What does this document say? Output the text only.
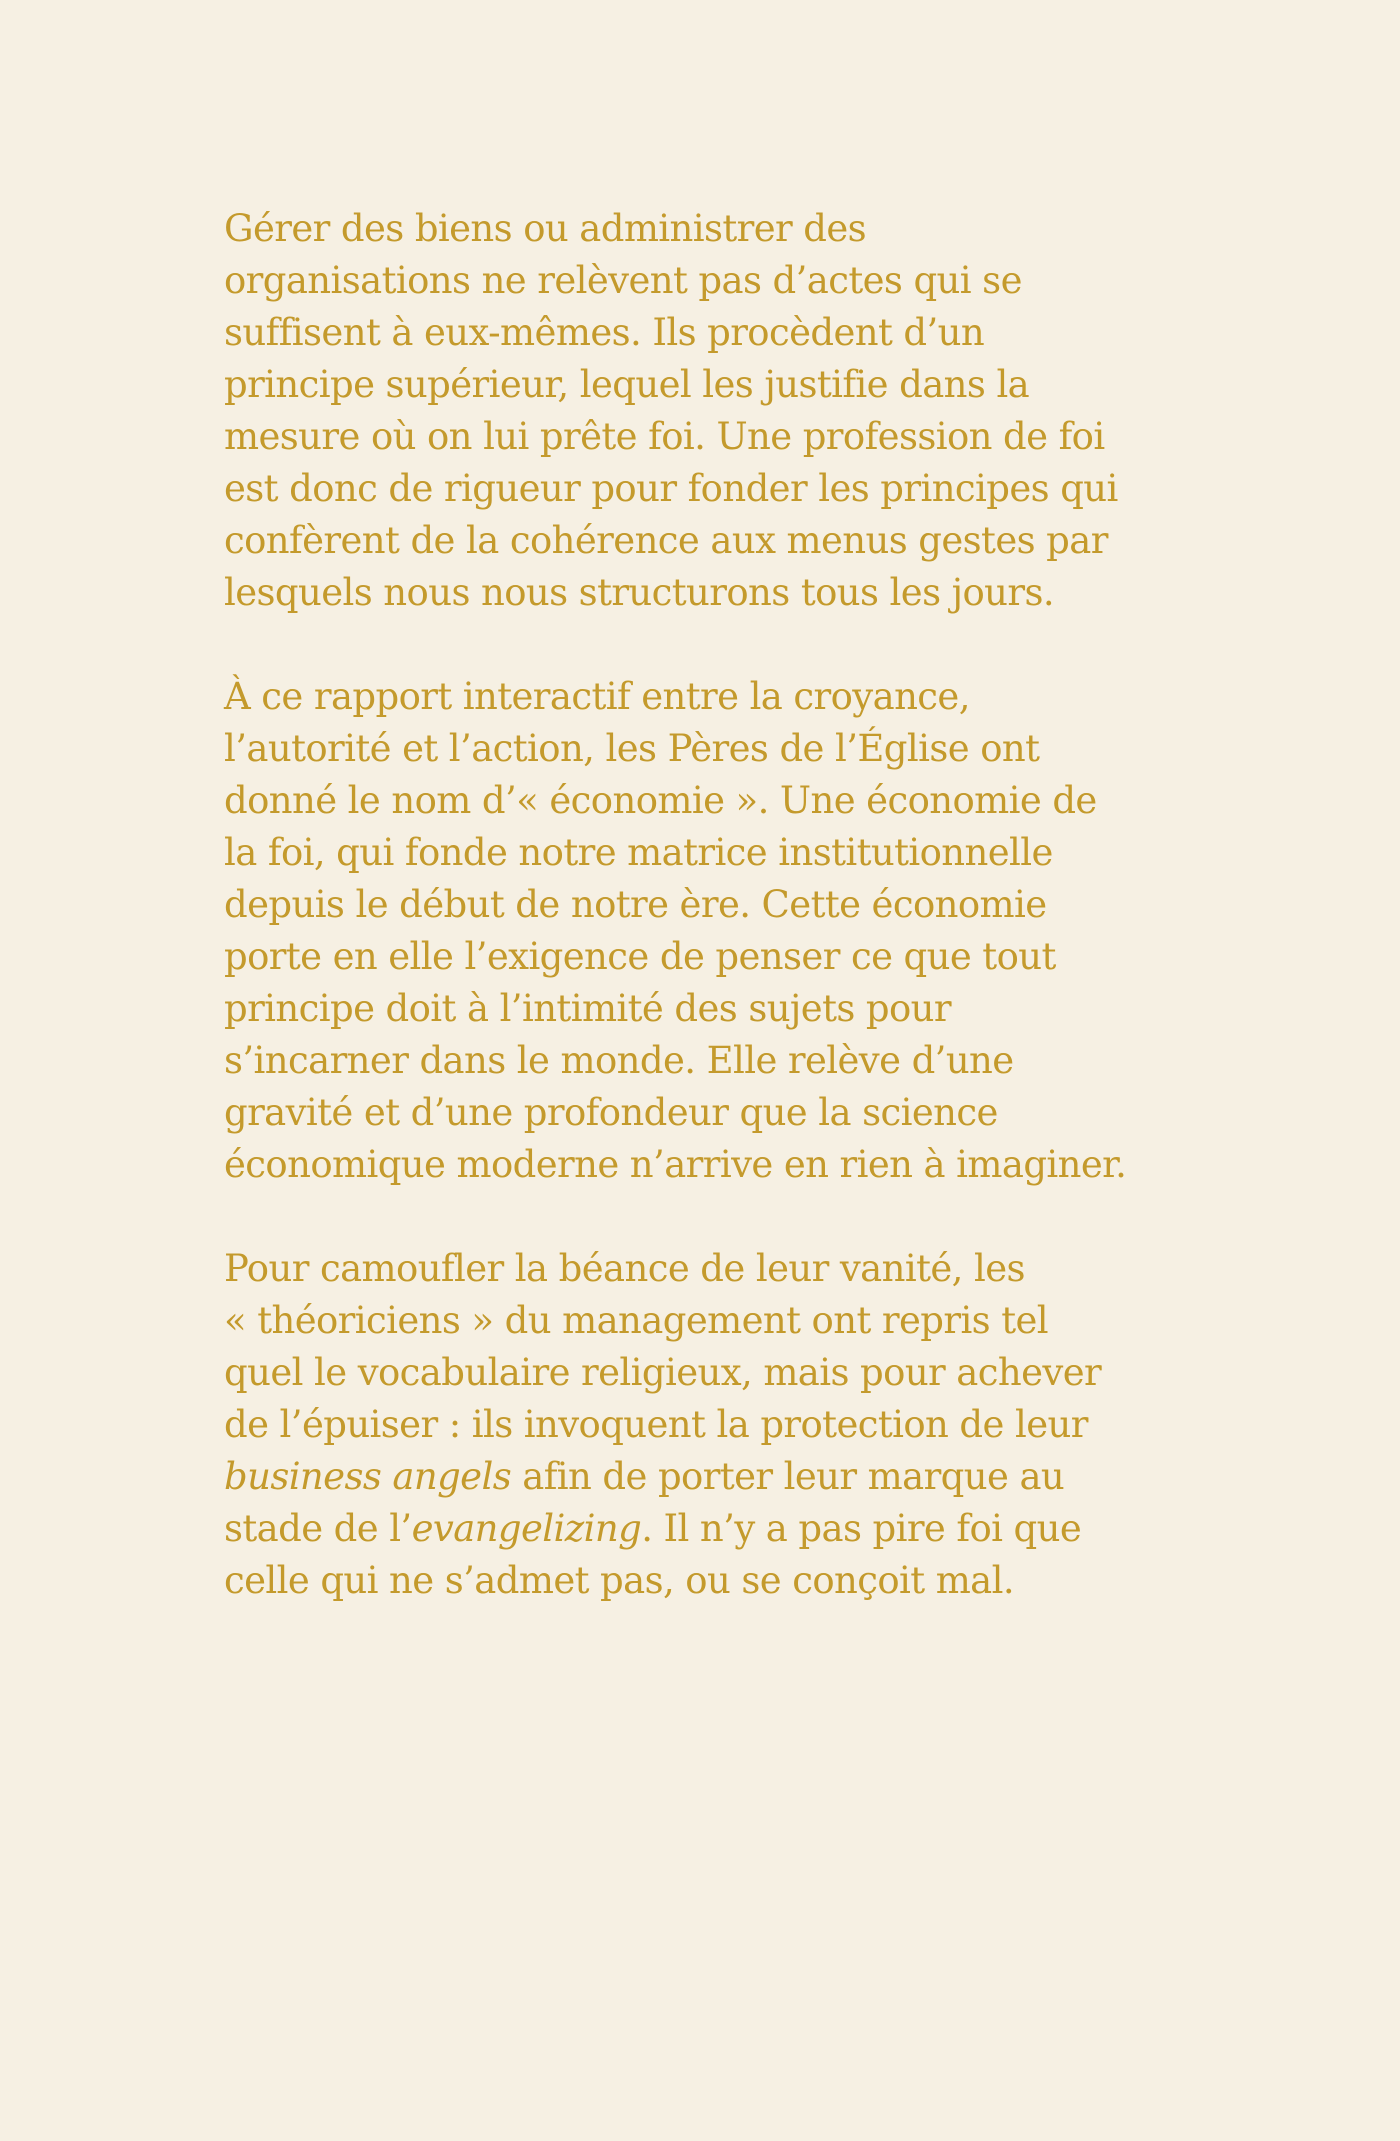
Gérer des biens ou administrer des
organisations ne relèvent pas d’actes qui se
suffisent à eux-mêmes. Ils procèdent d’un
principe supérieur, lequel les justifie dans la
mesure où on lui prête foi. Une profession de foi
est donc de rigueur pour fonder les principes qui
confèrent de la cohérence aux menus gestes par
lesquels nous nous structurons tous les jours.

À ce rapport interactif entre la croyance,
l’autorité et l’action, les Pères de l’Église ont
donné le nom d’« économie ». Une économie de
la foi, qui fonde notre matrice institutionnelle
depuis le début de notre ère. Cette économie
porte en elle l’exigence de penser ce que tout
principe doit à l’intimité des sujets pour
s’incarner dans le monde. Elle relève d’une
gravité et d’une profondeur que la science
économique moderne n’arrive en rien à imaginer.

Pour camoufler la béance de leur vanité, les
« théoriciens » du management ont repris tel
quel le vocabulaire religieux, mais pour achever
de l’épuiser : ils invoquent la protection de leur
business angels afin de porter leur marque au
stade de l’evangelizing. Il n’y a pas pire foi que
celle qui ne s’admet pas, ou se conçoit mal.
